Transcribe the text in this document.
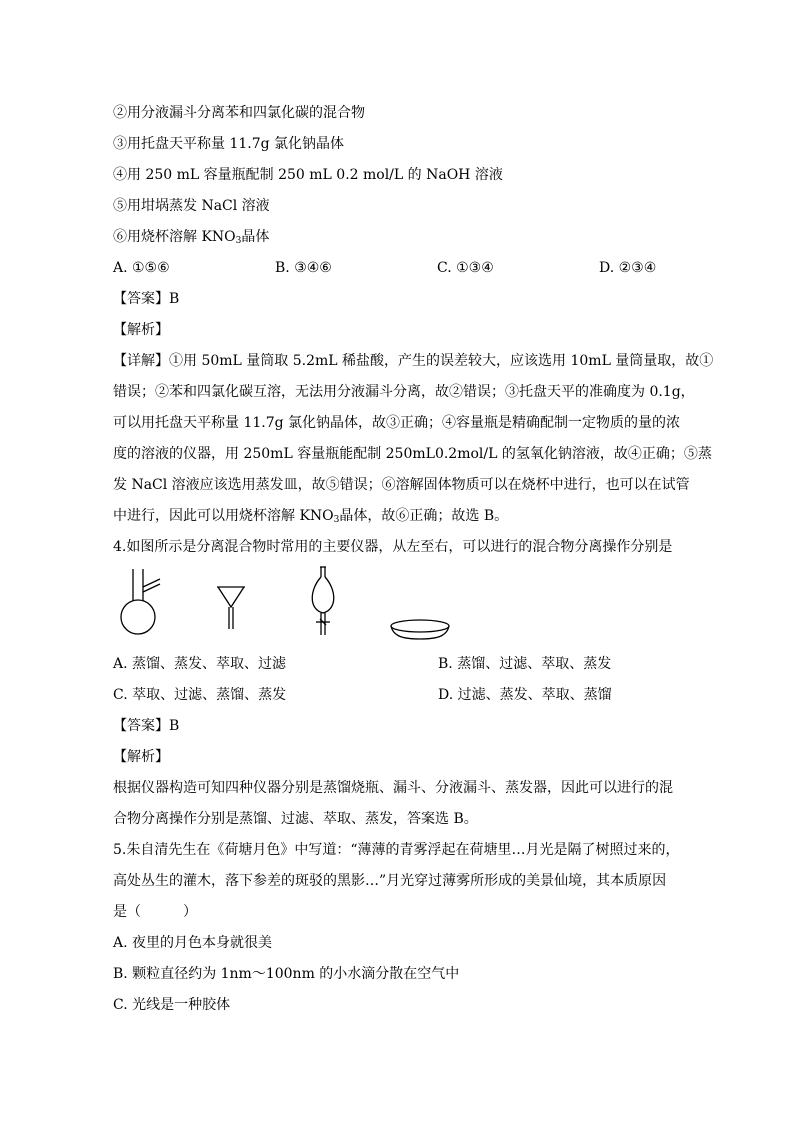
②用分液漏斗分离苯和四氯化碳的混合物
③用托盘天平称量 11.7g 氯化钠晶体
④用 250 mL 容量瓶配制 250 mL 0.2 mol/L 的 NaOH 溶液
⑤用坩埚蒸发 NaCl 溶液
⑥用烧杯溶解 $KNO_3$晶体
A. ①⑤⑥	B. ③④⑥	C. ①③④	D. ②③④
【答案】B
【解析】
【详解】①用 50mL 量筒取 5.2mL 稀盐酸，产生的误差较大，应该选用 10mL 量筒量取，故①
错误；②苯和四氯化碳互溶，无法用分液漏斗分离，故②错误；③托盘天平的准确度为 0.1g，
可以用托盘天平称量 11.7g 氯化钠晶体，故③正确；④容量瓶是精确配制一定物质的量的浓
度的溶液的仪器，用 250mL 容量瓶能配制 250mL0.2mol/L 的氢氧化钠溶液，故④正确；⑤蒸
发 NaCl 溶液应该选用蒸发皿，故⑤错误；⑥溶解固体物质可以在烧杯中进行，也可以在试管
中进行，因此可以用烧杯溶解 $KNO_3$晶体，故⑥正确；故选 B。
4.如图所示是分离混合物时常用的主要仪器，从左至右，可以进行的混合物分离操作分别是
A. 蒸馏、蒸发、萃取、过滤	B. 蒸馏、过滤、萃取、蒸发
C. 萃取、过滤、蒸馏、蒸发	D. 过滤、蒸发、萃取、蒸馏
【答案】B
【解析】
根据仪器构造可知四种仪器分别是蒸馏烧瓶、漏斗、分液漏斗、蒸发器，因此可以进行的混
合物分离操作分别是蒸馏、过滤、萃取、蒸发，答案选 B。
5.朱自清先生在《荷塘月色》中写道：“薄薄的青雾浮起在荷塘里…月光是隔了树照过来的，
高处丛生的灌木，落下参差的斑驳的黑影…”月光穿过薄雾所形成的美景仙境，其本质原因
是（　　　）
A. 夜里的月色本身就很美
B. 颗粒直径约为 1nm～100nm 的小水滴分散在空气中
C. 光线是一种胶体
